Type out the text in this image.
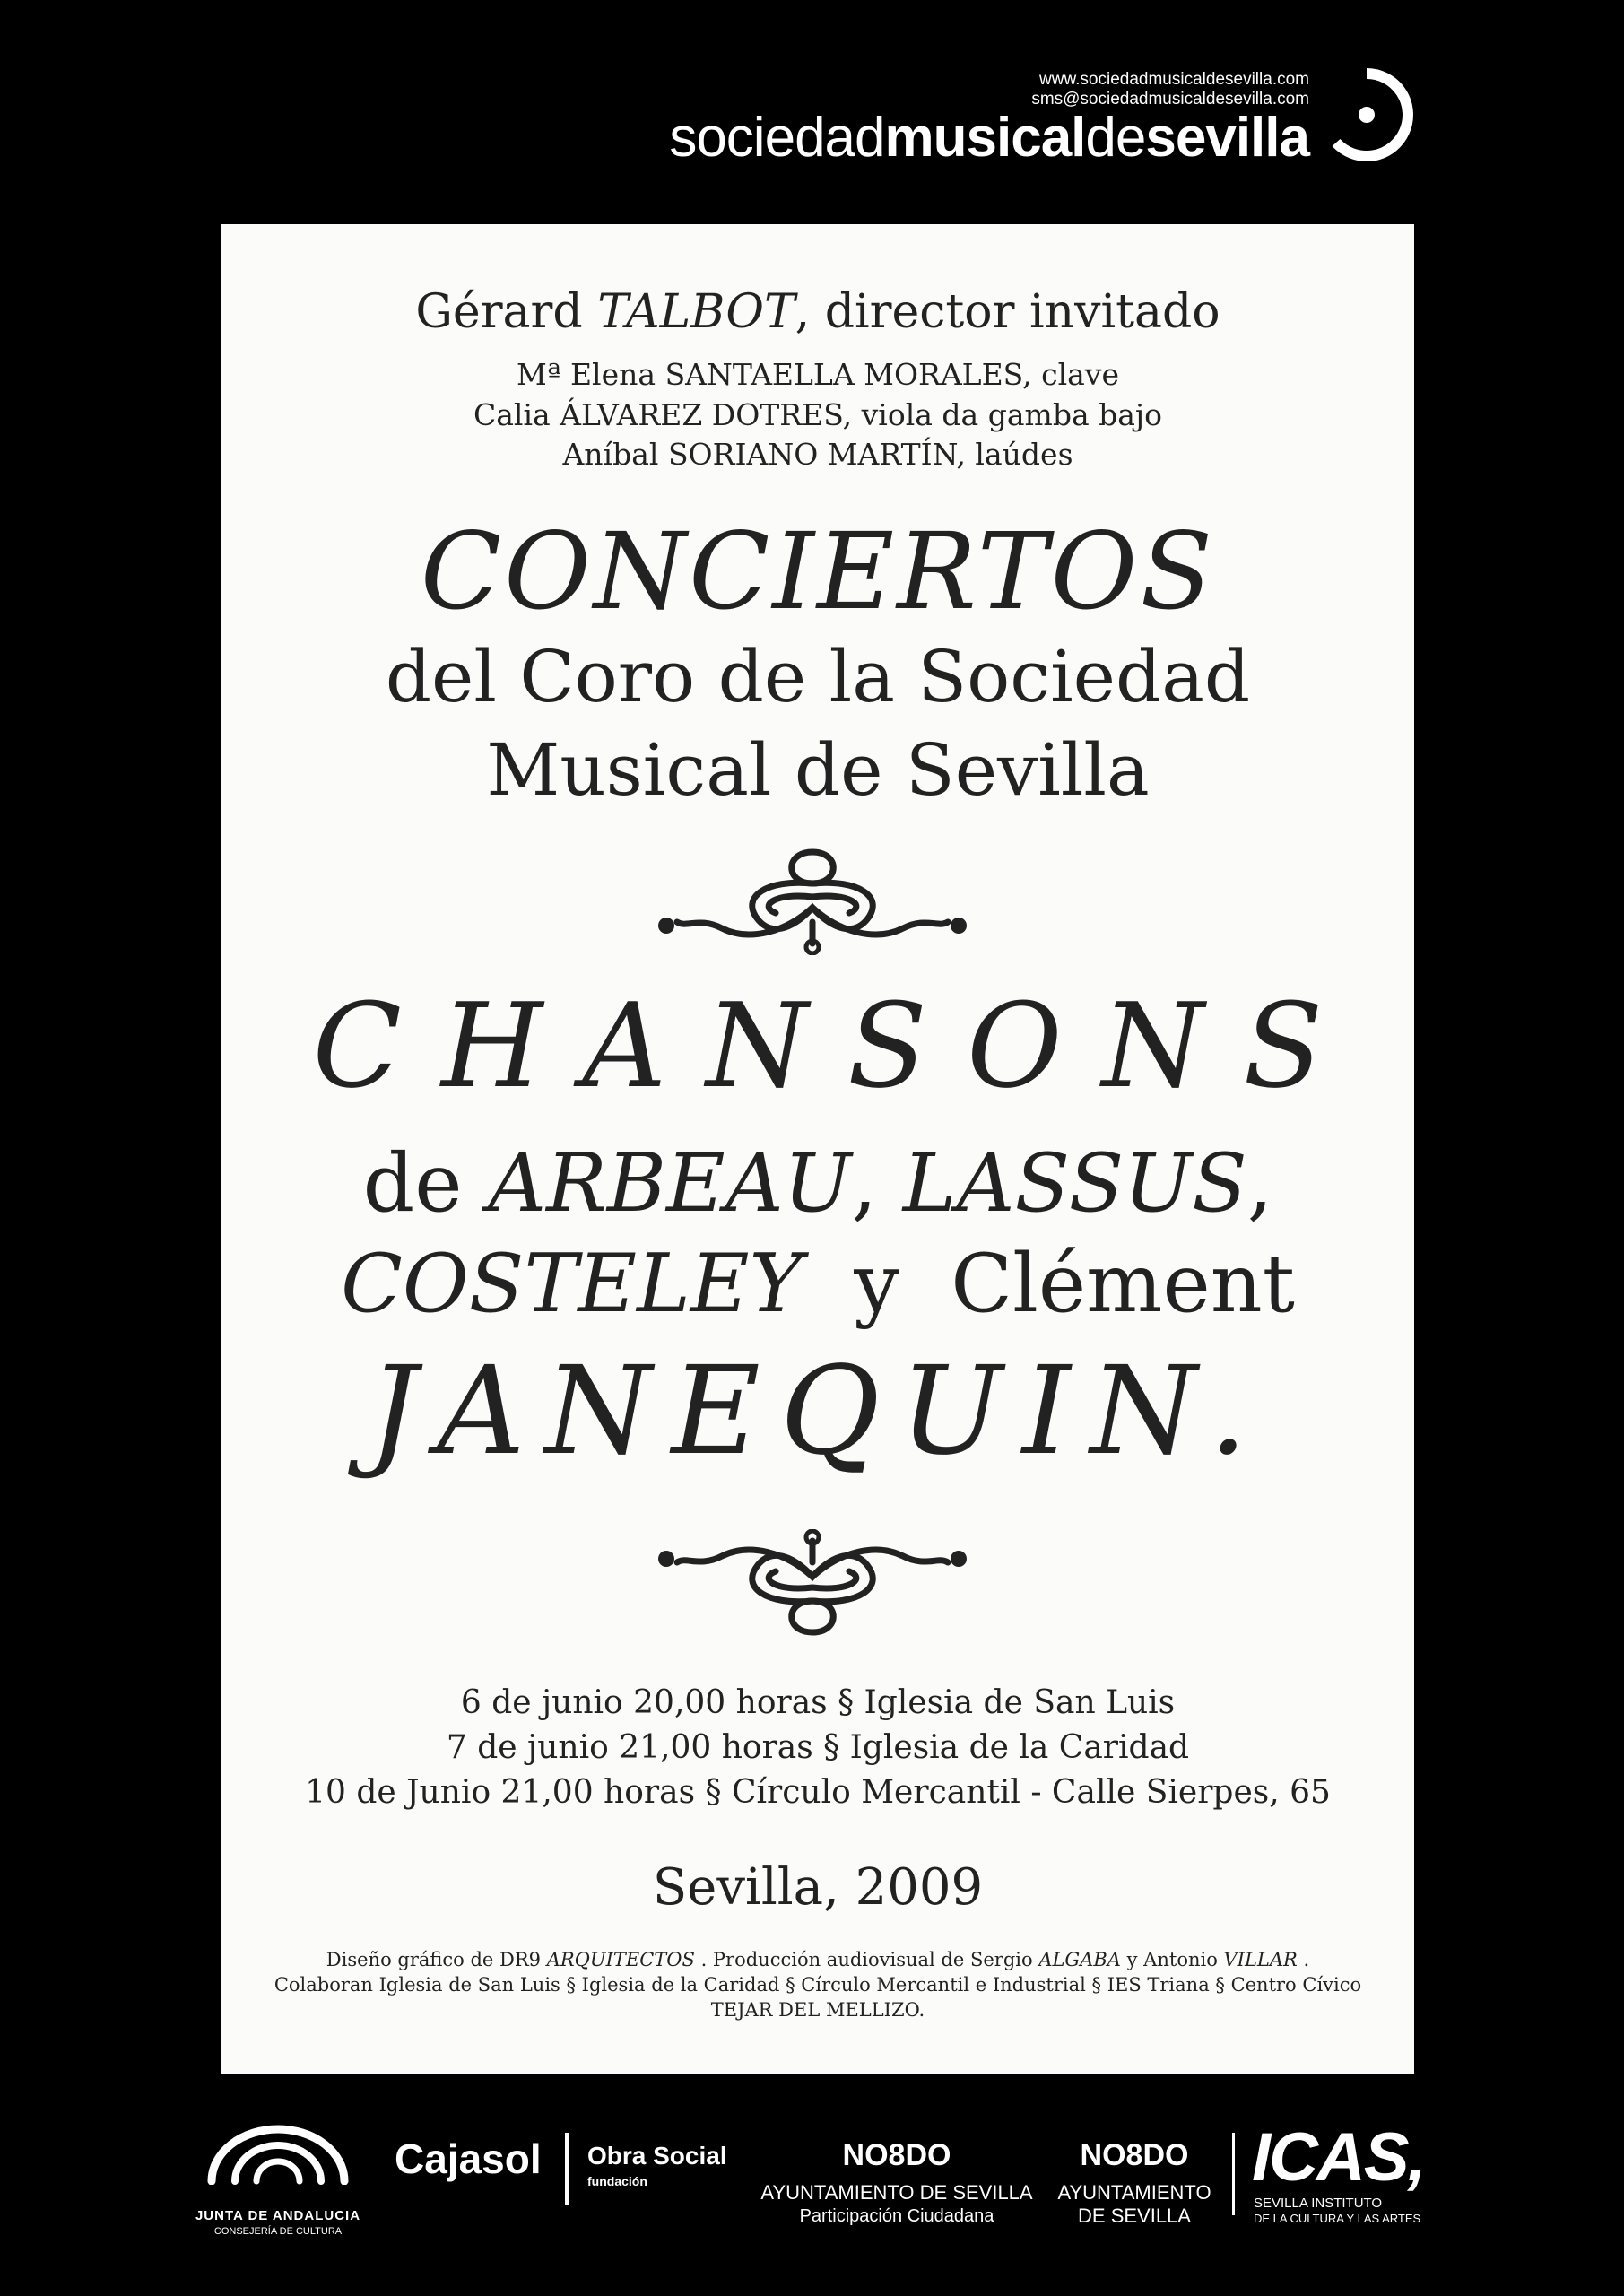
www.sociedadmusicaldesevilla.com
sms@sociedadmusicaldesevilla.com
sociedadmusicaldesevilla
Gérard TALBOT, director invitado
Mª Elena SANTAELLA MORALES, clave
Calia ÁLVAREZ DOTRES, viola da gamba bajo
Aníbal SORIANO MARTÍN, laúdes
CONCIERTOS
del Coro de la Sociedad
Musical de Sevilla
CHANSONS
de ARBEAU, LASSUS,
COSTELEY  y  Clément
JANEQUIN.
6 de junio 20,00 horas § Iglesia de San Luis
7 de junio 21,00 horas § Iglesia de la Caridad
10 de Junio 21,00 horas § Círculo Mercantil - Calle Sierpes, 65
Sevilla, 2009
Diseño gráfico de DR9 ARQUITECTOS . Producción audiovisual de Sergio ALGABA y Antonio VILLAR .
Colaboran Iglesia de San Luis § Iglesia de la Caridad § Círculo Mercantil e Industrial § IES Triana § Centro Cívico
TEJAR DEL MELLIZO.
JUNTA DE ANDALUCIA
CONSEJERÍA DE CULTURA
Cajasol Obra Social
fundación
NO8DO
AYUNTAMIENTO DE SEVILLA
Participación Ciudadana
NO8DO
AYUNTAMIENTO
DE SEVILLA
ICAS,
SEVILLA INSTITUTO
DE LA CULTURA Y LAS ARTES
